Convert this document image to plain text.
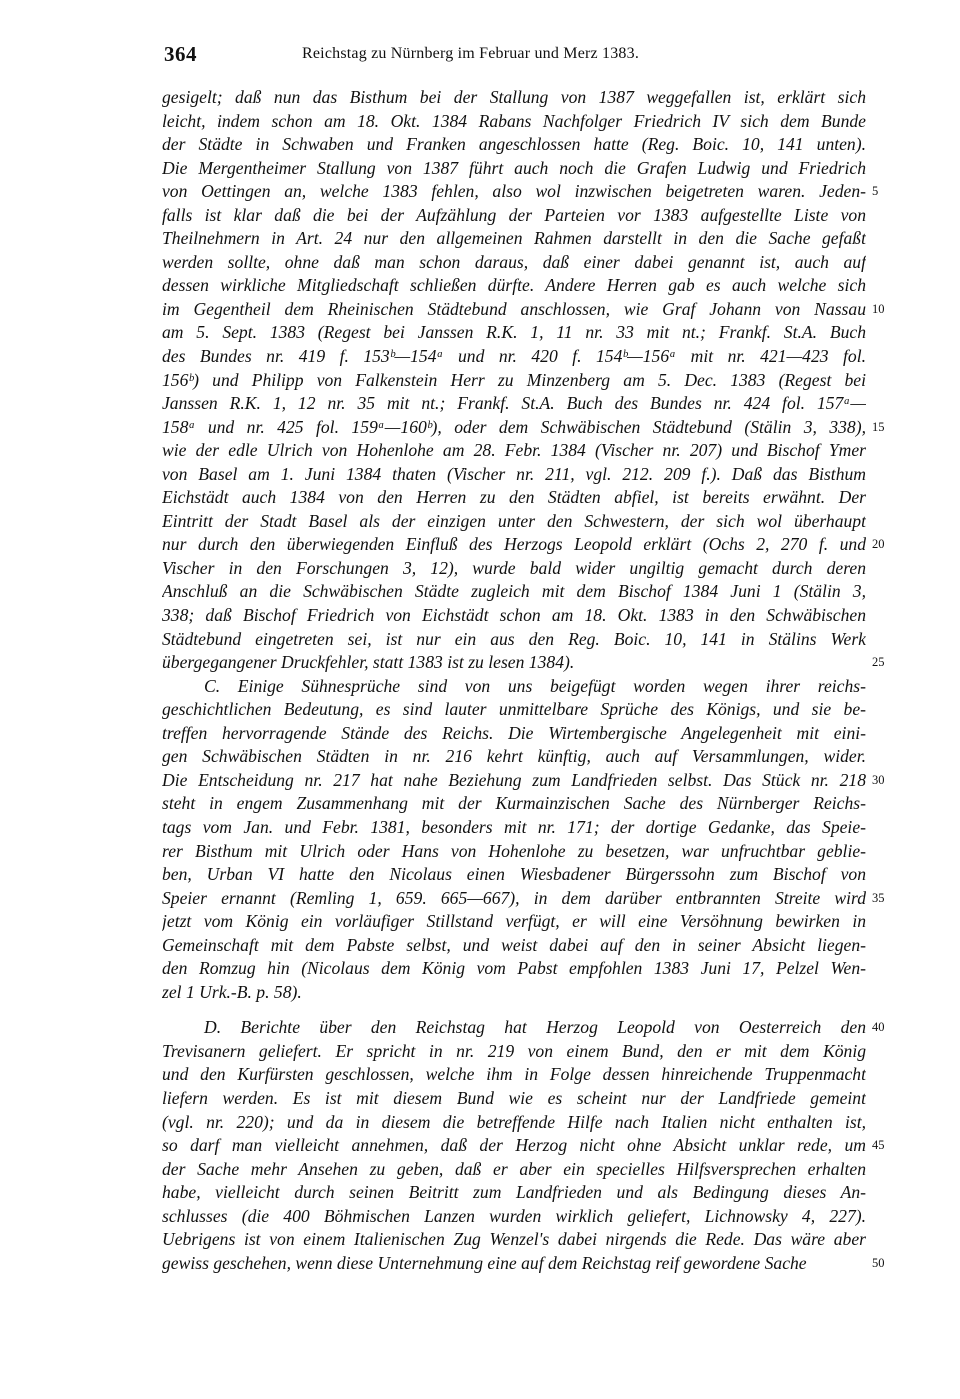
364	Reichstag zu Nürnberg im Februar und Merz 1383.
gesigelt; daß nun das Bisthum bei der Stallung von 1387 weggefallen ist, erklärt sich
leicht, indem schon am 18. Okt. 1384 Rabans Nachfolger Friedrich IV sich dem Bunde
der Städte in Schwaben und Franken angeschlossen hatte (Reg. Boic. 10, 141 unten).
Die Mergentheimer Stallung von 1387 führt auch noch die Grafen Ludwig und Friedrich
von Oettingen an, welche 1383 fehlen, also wol inzwischen beigetreten waren. Jeden-
falls ist klar daß die bei der Aufzählung der Parteien vor 1383 aufgestellte Liste von
Theilnehmern in Art. 24 nur den allgemeinen Rahmen darstellt in den die Sache gefaßt
werden sollte, ohne daß man schon daraus, daß einer dabei genannt ist, auch auf
dessen wirkliche Mitgliedschaft schließen dürfte. Andere Herren gab es auch welche sich
im Gegentheil dem Rheinischen Städtebund anschlossen, wie Graf Johann von Nassau
am 5. Sept. 1383 (Regest bei Janssen R.K. 1, 11 nr. 33 mit nt.; Frankf. St.A. Buch
des Bundes nr. 419 f. 153ᵇ—154ᵃ und nr. 420 f. 154ᵇ—156ᵃ mit nr. 421—423 fol.
156ᵇ) und Philipp von Falkenstein Herr zu Minzenberg am 5. Dec. 1383 (Regest bei
Janssen R.K. 1, 12 nr. 35 mit nt.; Frankf. St.A. Buch des Bundes nr. 424 fol. 157ᵃ—
158ᵃ und nr. 425 fol. 159ᵃ—160ᵇ), oder dem Schwäbischen Städtebund (Stälin 3, 338),
wie der edle Ulrich von Hohenlohe am 28. Febr. 1384 (Vischer nr. 207) und Bischof Ymer
von Basel am 1. Juni 1384 thaten (Vischer nr. 211, vgl. 212. 209 f.). Daß das Bisthum
Eichstädt auch 1384 von den Herren zu den Städten abfiel, ist bereits erwähnt. Der
Eintritt der Stadt Basel als der einzigen unter den Schwestern, der sich wol überhaupt
nur durch den überwiegenden Einfluß des Herzogs Leopold erklärt (Ochs 2, 270 f. und
Vischer in den Forschungen 3, 12), wurde bald wider ungiltig gemacht durch deren
Anschluß an die Schwäbischen Städte zugleich mit dem Bischof 1384 Juni 1 (Stälin 3,
338; daß Bischof Friedrich von Eichstädt schon am 18. Okt. 1383 in den Schwäbischen
Städtebund eingetreten sei, ist nur ein aus den Reg. Boic. 10, 141 in Stälins Werk
übergegangener Druckfehler, statt 1383 ist zu lesen 1384).
C. Einige Sühnesprüche sind von uns beigefügt worden wegen ihrer reichs-
geschichtlichen Bedeutung, es sind lauter unmittelbare Sprüche des Königs, und sie be-
treffen hervorragende Stände des Reichs. Die Wirtembergische Angelegenheit mit eini-
gen Schwäbischen Städten in nr. 216 kehrt künftig, auch auf Versammlungen, wider.
Die Entscheidung nr. 217 hat nahe Beziehung zum Landfrieden selbst. Das Stück nr. 218
steht in engem Zusammenhang mit der Kurmainzischen Sache des Nürnberger Reichs-
tags vom Jan. und Febr. 1381, besonders mit nr. 171; der dortige Gedanke, das Speie-
rer Bisthum mit Ulrich oder Hans von Hohenlohe zu besetzen, war unfruchtbar geblie-
ben, Urban VI hatte den Nicolaus einen Wiesbadener Bürgerssohn zum Bischof von
Speier ernannt (Remling 1, 659. 665—667), in dem darüber entbrannten Streite wird
jetzt vom König ein vorläufiger Stillstand verfügt, er will eine Versöhnung bewirken in
Gemeinschaft mit dem Pabste selbst, und weist dabei auf den in seiner Absicht liegen-
den Romzug hin (Nicolaus dem König vom Pabst empfohlen 1383 Juni 17, Pelzel Wen-
zel 1 Urk.-B. p. 58).
D. Berichte über den Reichstag hat Herzog Leopold von Oesterreich den
Trevisanern geliefert. Er spricht in nr. 219 von einem Bund, den er mit dem König
und den Kurfürsten geschlossen, welche ihm in Folge dessen hinreichende Truppenmacht
liefern werden. Es ist mit diesem Bund wie es scheint nur der Landfriede gemeint
(vgl. nr. 220); und da in diesem die betreffende Hilfe nach Italien nicht enthalten ist,
so darf man vielleicht annehmen, daß der Herzog nicht ohne Absicht unklar rede, um
der Sache mehr Ansehen zu geben, daß er aber ein specielles Hilfsversprechen erhalten
habe, vielleicht durch seinen Beitritt zum Landfrieden und als Bedingung dieses An-
schlusses (die 400 Böhmischen Lanzen wurden wirklich geliefert, Lichnowsky 4, 227).
Uebrigens ist von einem Italienischen Zug Wenzel's dabei nirgends die Rede. Das wäre aber
gewiss geschehen, wenn diese Unternehmung eine auf dem Reichstag reif gewordene Sache
5
10
15
20
25
30
35
40
45
50
